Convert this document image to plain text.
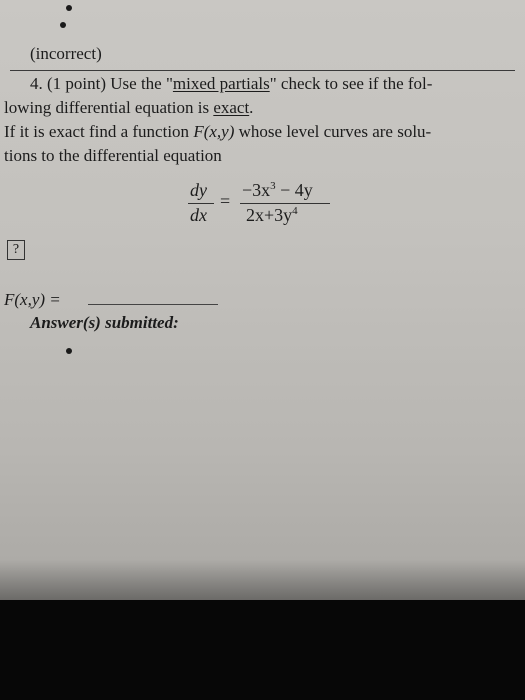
(incorrect)
4. (1 point) Use the "mixed partials" check to see if the fol-
lowing differential equation is exact.
If it is exact find a function F(x,y) whose level curves are solu-
tions to the differential equation
dy
dx
=
$-3x^3 - 4y$
$2x+3y^4$
?
F(x,y) =
Answer(s) submitted:
